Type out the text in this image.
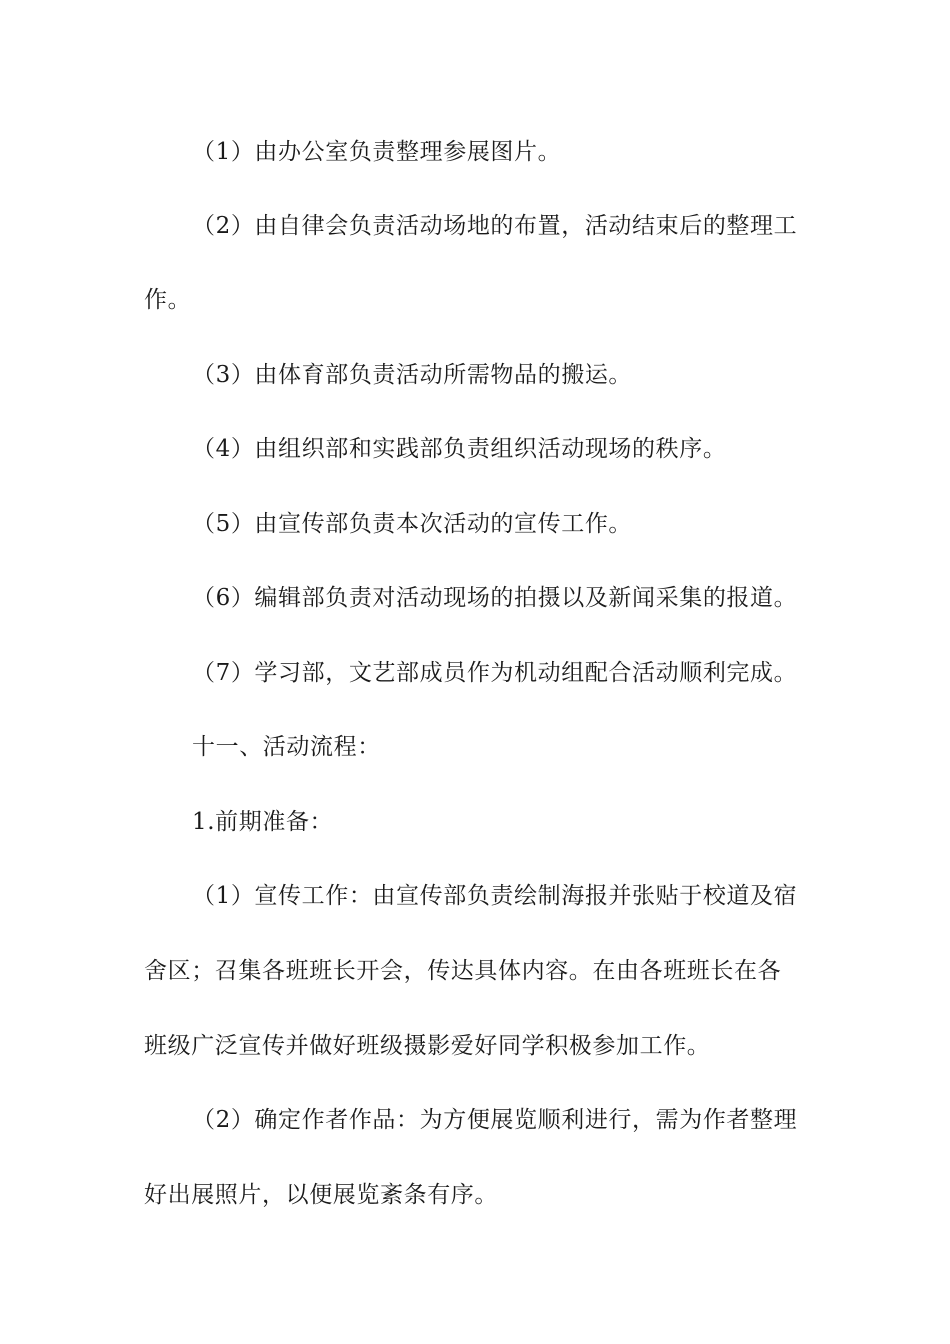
（1）由办公室负责整理参展图片。
（2）由自律会负责活动场地的布置，活动结束后的整理工
作。
（3）由体育部负责活动所需物品的搬运。
（4）由组织部和实践部负责组织活动现场的秩序。
（5）由宣传部负责本次活动的宣传工作。
（6）编辑部负责对活动现场的拍摄以及新闻采集的报道。
（7）学习部，文艺部成员作为机动组配合活动顺利完成。
十一、活动流程：
1.前期准备：
（1）宣传工作：由宣传部负责绘制海报并张贴于校道及宿
舍区；召集各班班长开会，传达具体内容。在由各班班长在各
班级广泛宣传并做好班级摄影爱好同学积极参加工作。
（2）确定作者作品：为方便展览顺利进行，需为作者整理
好出展照片，以便展览紊条有序。
